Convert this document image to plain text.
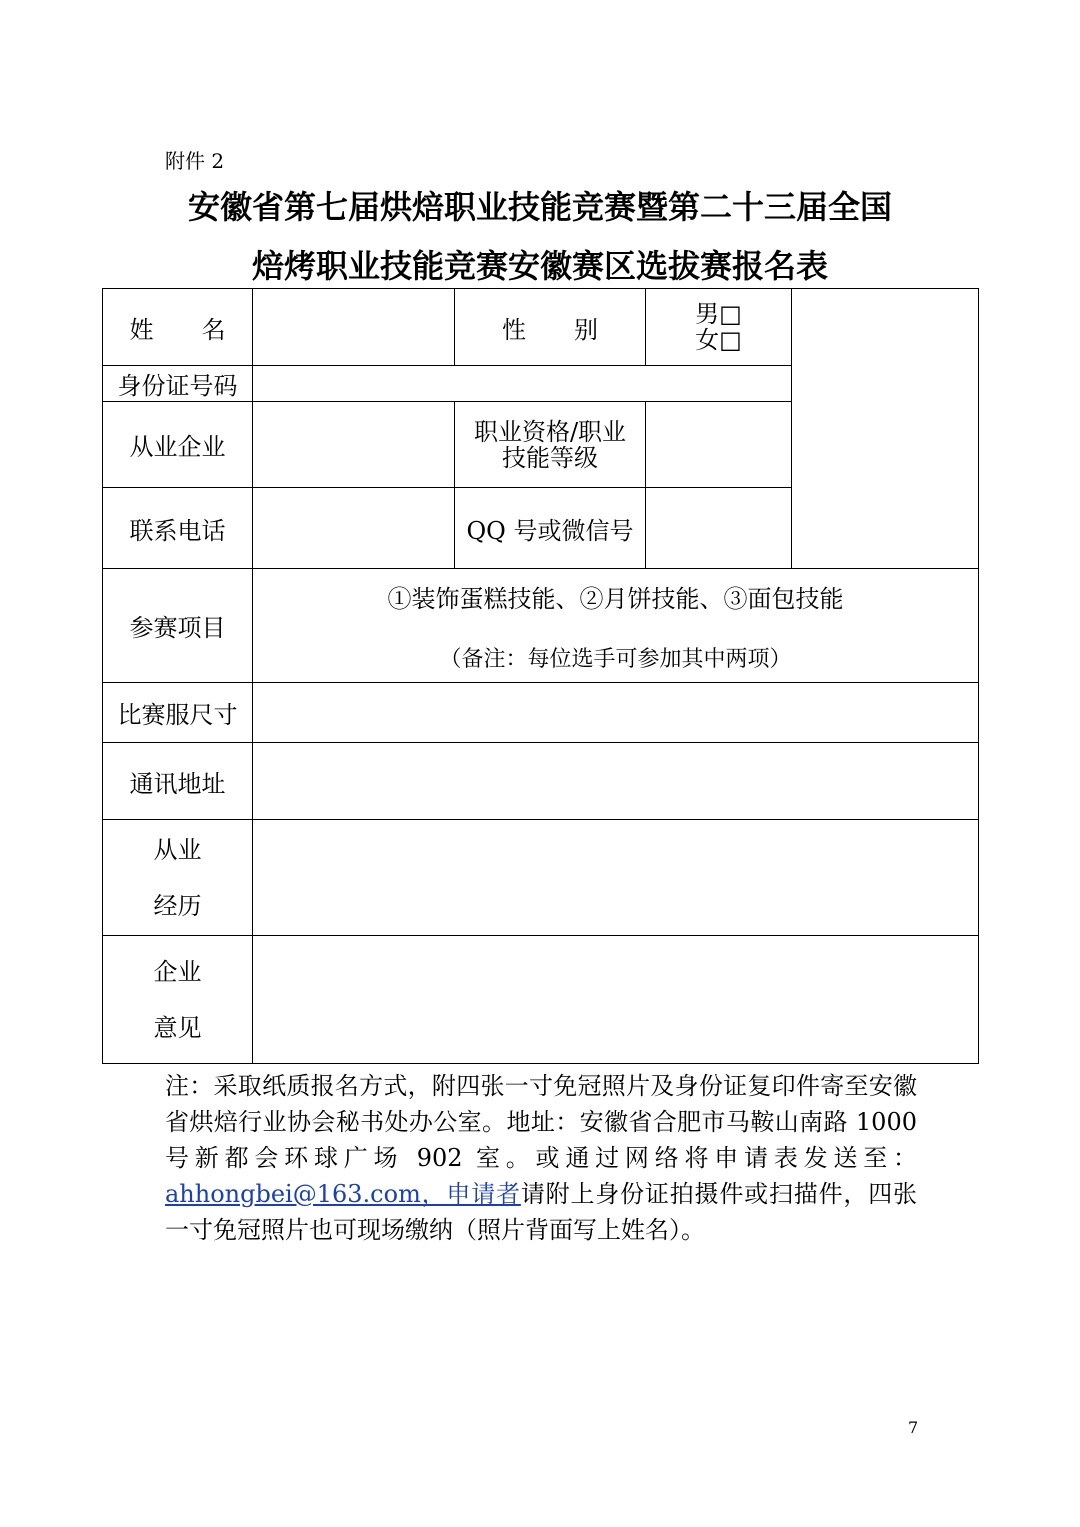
附件 2
安徽省第七届烘焙职业技能竞赛暨第二十三届全国
焙烤职业技能竞赛安徽赛区选拔赛报名表
姓　　名		性　　别	男□
女□	

身份证号码				
从业企业		职业资格/职业
技能等级		

联系电话		QQ 号或微信号		
参赛项目	①装饰蛋糕技能、②月饼技能、③面包技能
（备注：每位选手可参加其中两项）			

比赛服尺寸				
通讯地址				

从业
经历				

企业
意见				

注：采取纸质报名方式，附四张一寸免冠照片及身份证复印件寄至安徽省烘焙行业协会秘书处办公室。地址：安徽省合肥市马鞍山南路 1000 号新都会环球广场 902 室。或通过网络将申请表发送至：ahhongbei@163.com，申请者请附上身份证拍摄件或扫描件，四张一寸免冠照片也可现场缴纳（照片背面写上姓名）。
7
